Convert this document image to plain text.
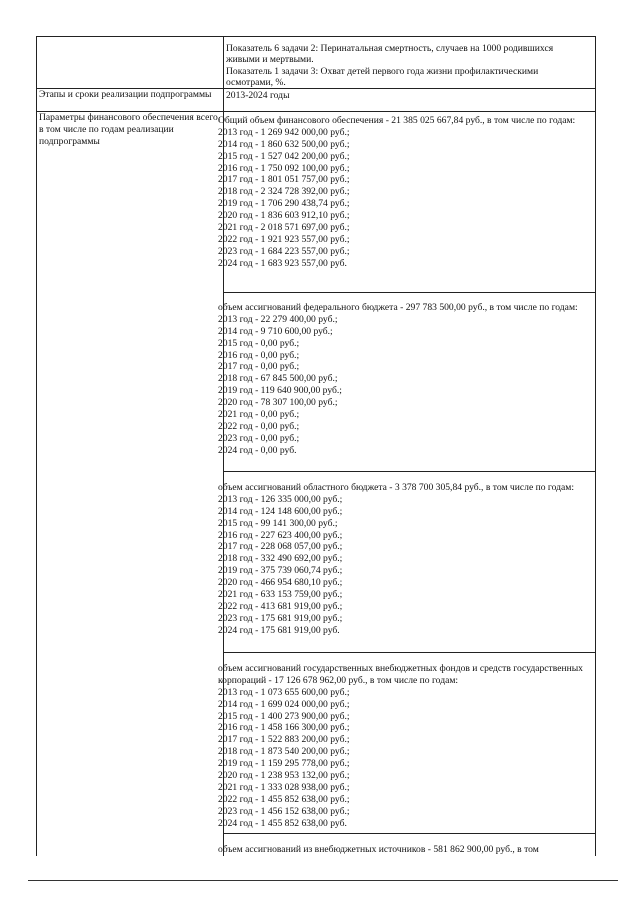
Показатель 6 задачи 2: Перинатальная смертность, случаев на 1000 родившихся
живыми и мертвыми.
Показатель 1 задачи 3: Охват детей первого года жизни профилактическими
осмотрами, %.
Этапы и сроки реализации подпрограммы	2013-2024 годы
Параметры финансового обеспечения всего, в том числе по годам реализации подпрограммы
Общий объем финансового обеспечения - 21 385 025 667,84 руб., в том числе по годам:
2013 год - 1 269 942 000,00 руб.;
2014 год - 1 860 632 500,00 руб.;
2015 год - 1 527 042 200,00 руб.;
2016 год - 1 750 092 100,00 руб.;
2017 год - 1 801 051 757,00 руб.;
2018 год - 2 324 728 392,00 руб.;
2019 год - 1 706 290 438,74 руб.;
2020 год - 1 836 603 912,10 руб.;
2021 год - 2 018 571 697,00 руб.;
2022 год - 1 921 923 557,00 руб.;
2023 год - 1 684 223 557,00 руб.;
2024 год - 1 683 923 557,00 руб.
объем ассигнований федерального бюджета - 297 783 500,00 руб., в том числе по годам:
2013 год - 22 279 400,00 руб.;
2014 год - 9 710 600,00 руб.;
2015 год - 0,00 руб.;
2016 год - 0,00 руб.;
2017 год - 0,00 руб.;
2018 год - 67 845 500,00 руб.;
2019 год - 119 640 900,00 руб.;
2020 год - 78 307 100,00 руб.;
2021 год - 0,00 руб.;
2022 год - 0,00 руб.;
2023 год - 0,00 руб.;
2024 год - 0,00 руб.
объем ассигнований областного бюджета - 3 378 700 305,84 руб., в том числе по годам:
2013 год - 126 335 000,00 руб.;
2014 год - 124 148 600,00 руб.;
2015 год - 99 141 300,00 руб.;
2016 год - 227 623 400,00 руб.;
2017 год - 228 068 057,00 руб.;
2018 год - 332 490 692,00 руб.;
2019 год - 375 739 060,74 руб.;
2020 год - 466 954 680,10 руб.;
2021 год - 633 153 759,00 руб.;
2022 год - 413 681 919,00 руб.;
2023 год - 175 681 919,00 руб.;
2024 год - 175 681 919,00 руб.
объем ассигнований государственных внебюджетных фондов и средств государственных корпораций - 17 126 678 962,00 руб., в том числе по годам:
2013 год - 1 073 655 600,00 руб.;
2014 год - 1 699 024 000,00 руб.;
2015 год - 1 400 273 900,00 руб.;
2016 год - 1 458 166 300,00 руб.;
2017 год - 1 522 883 200,00 руб.;
2018 год - 1 873 540 200,00 руб.;
2019 год - 1 159 295 778,00 руб.;
2020 год - 1 238 953 132,00 руб.;
2021 год - 1 333 028 938,00 руб.;
2022 год - 1 455 852 638,00 руб.;
2023 год - 1 456 152 638,00 руб.;
2024 год - 1 455 852 638,00 руб.
объем ассигнований из внебюджетных источников - 581 862 900,00 руб., в том
